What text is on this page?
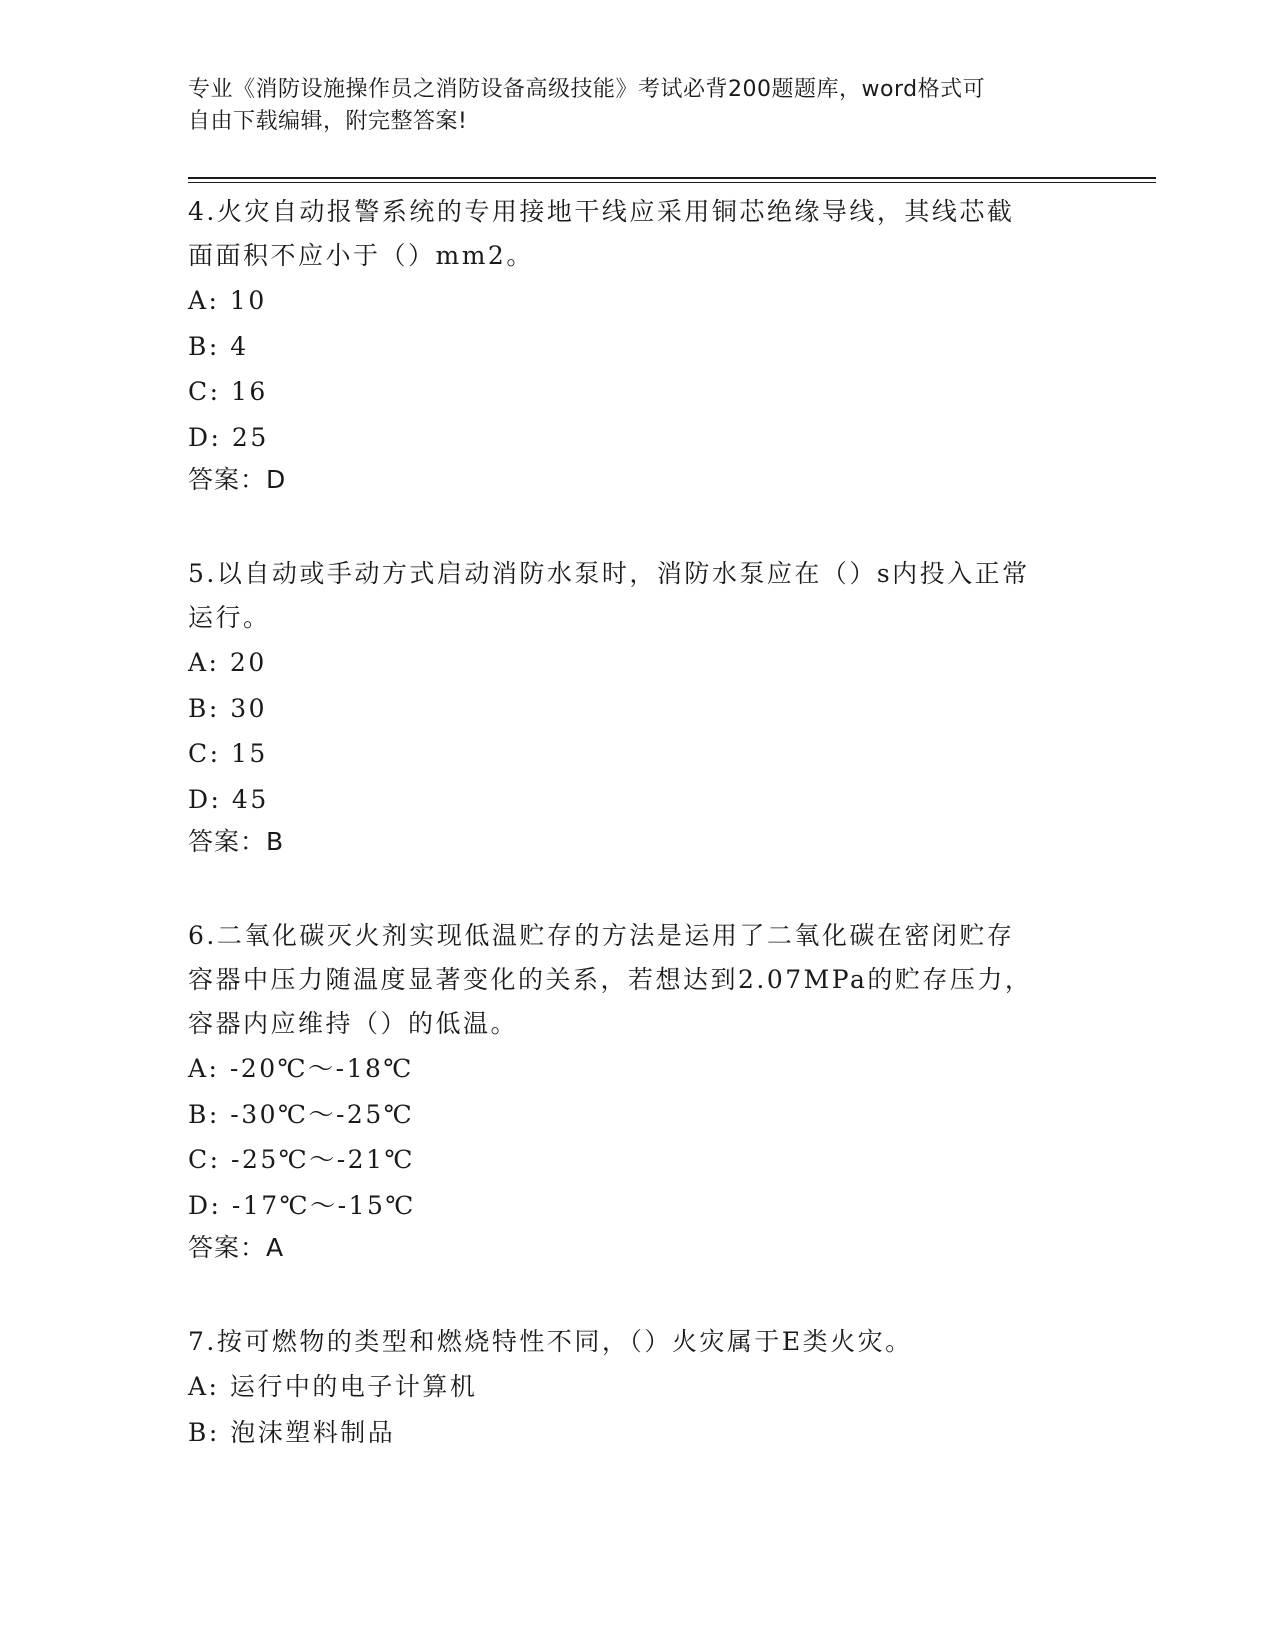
专业《消防设施操作员之消防设备高级技能》考试必背200题题库，word格式可
自由下载编辑，附完整答案!

4.火灾自动报警系统的专用接地干线应采用铜芯绝缘导线，其线芯截

面面积不应小于（）mm2。

A: 10

B: 4

C: 16

D: 25

答案：D

5.以自动或手动方式启动消防水泵时，消防水泵应在（）s内投入正常

运行。

A: 20

B: 30

C: 15

D: 45

答案：B

6.二氧化碳灭火剂实现低温贮存的方法是运用了二氧化碳在密闭贮存

容器中压力随温度显著变化的关系，若想达到2.07MPa的贮存压力，

容器内应维持（）的低温。

A: -20℃～-18℃

B: -30℃～-25℃

C: -25℃～-21℃

D: -17℃～-15℃

答案：A

7.按可燃物的类型和燃烧特性不同，（）火灾属于E类火灾。

A: 运行中的电子计算机

B: 泡沫塑料制品
